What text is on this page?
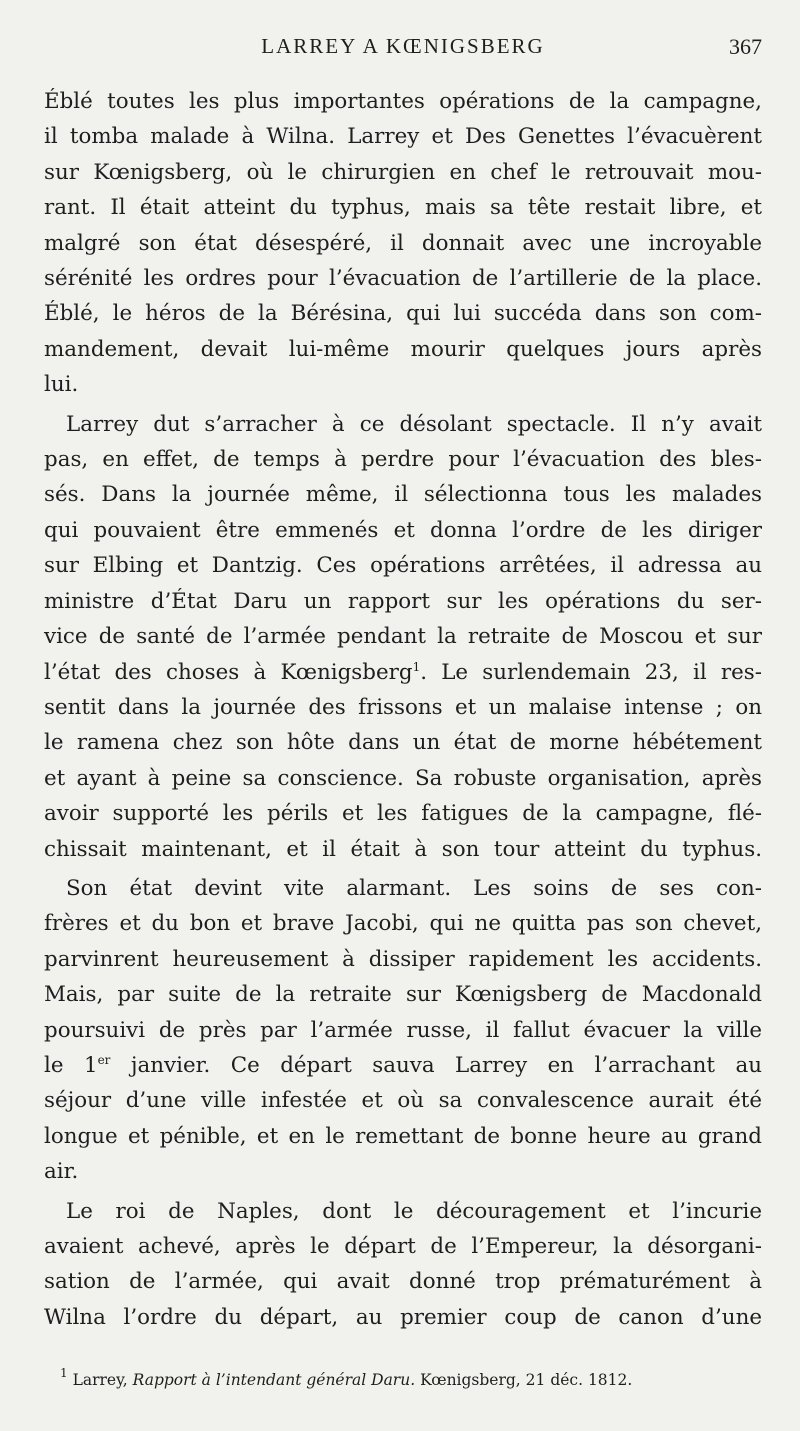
LARREY A KŒNIGSBERG	367
Éblé toutes les plus importantes opérations de la campagne,
il tomba malade à Wilna. Larrey et Des Genettes l’évacuèrent
sur Kœnigsberg, où le chirurgien en chef le retrouvait mou-
rant. Il était atteint du typhus, mais sa tête restait libre, et
malgré son état désespéré, il donnait avec une incroyable
sérénité les ordres pour l’évacuation de l’artillerie de la place.
Éblé, le héros de la Bérésina, qui lui succéda dans son com-
mandement, devait lui-même mourir quelques jours après
lui.
Larrey dut s’arracher à ce désolant spectacle. Il n’y avait
pas, en effet, de temps à perdre pour l’évacuation des bles-
sés. Dans la journée même, il sélectionna tous les malades
qui pouvaient être emmenés et donna l’ordre de les diriger
sur Elbing et Dantzig. Ces opérations arrêtées, il adressa au
ministre d’État Daru un rapport sur les opérations du ser-
vice de santé de l’armée pendant la retraite de Moscou et sur
l’état des choses à Kœnigsberg$^1$. Le surlendemain 23, il res-
sentit dans la journée des frissons et un malaise intense ; on
le ramena chez son hôte dans un état de morne hébétement
et ayant à peine sa conscience. Sa robuste organisation, après
avoir supporté les périls et les fatigues de la campagne, flé-
chissait maintenant, et il était à son tour atteint du typhus.
Son état devint vite alarmant. Les soins de ses con-
frères et du bon et brave Jacobi, qui ne quitta pas son chevet,
parvinrent heureusement à dissiper rapidement les accidents.
Mais, par suite de la retraite sur Kœnigsberg de Macdonald
poursuivi de près par l’armée russe, il fallut évacuer la ville
le 1er janvier. Ce départ sauva Larrey en l’arrachant au
séjour d’une ville infestée et où sa convalescence aurait été
longue et pénible, et en le remettant de bonne heure au grand
air.
Le roi de Naples, dont le découragement et l’incurie
avaient achevé, après le départ de l’Empereur, la désorgani-
sation de l’armée, qui avait donné trop prématurément à
Wilna l’ordre du départ, au premier coup de canon d’une
$^1$ Larrey, Rapport à l’intendant général Daru. Kœnigsberg, 21 déc. 1812.
